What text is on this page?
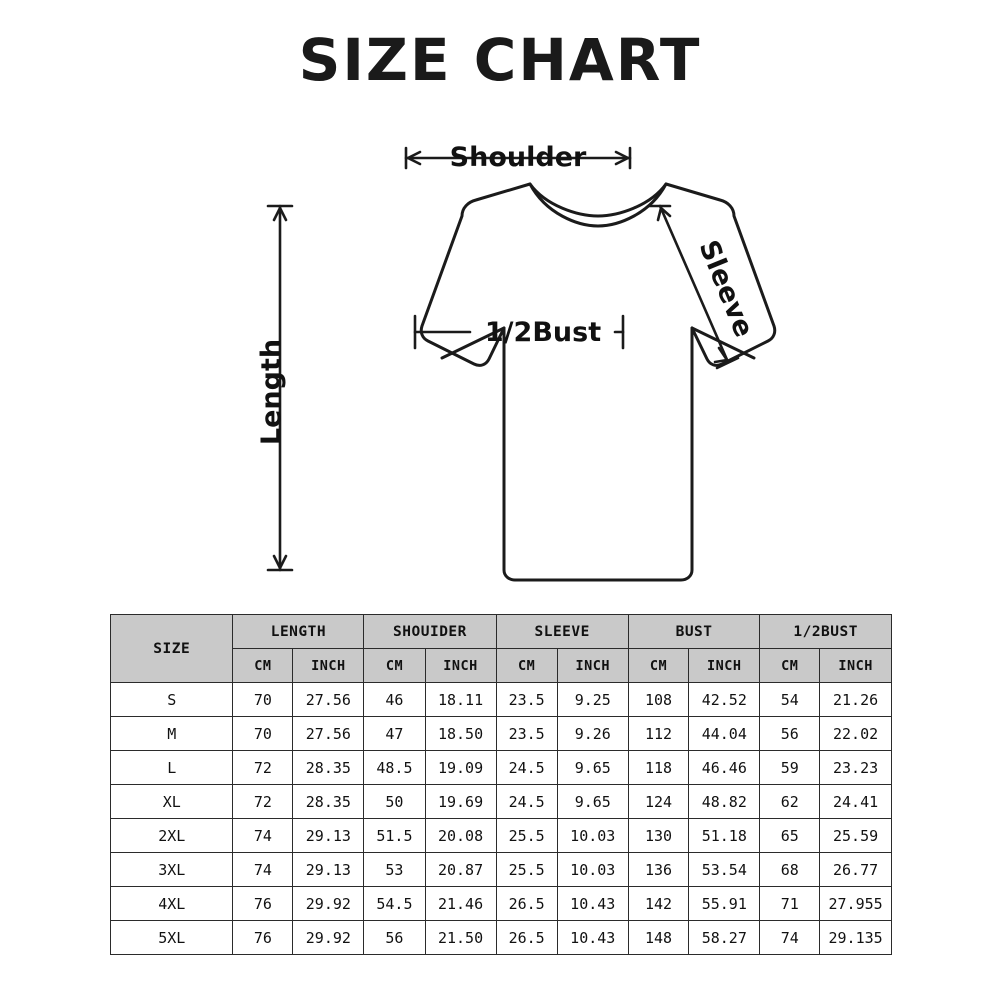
SIZE CHART
Shoulder
Sleeve
Length
1/2Bust
SIZE	LENGTH		SHOUIDER		SLEEVE		BUST		1/2BUST	
	CM	INCH	CM	INCH	CM	INCH	CM	INCH	CM	INCH
S	70	27.56	46	18.11	23.5	9.25	108	42.52	54	21.26
M	70	27.56	47	18.50	23.5	9.26	112	44.04	56	22.02
L	72	28.35	48.5	19.09	24.5	9.65	118	46.46	59	23.23
XL	72	28.35	50	19.69	24.5	9.65	124	48.82	62	24.41
2XL	74	29.13	51.5	20.08	25.5	10.03	130	51.18	65	25.59
3XL	74	29.13	53	20.87	25.5	10.03	136	53.54	68	26.77
4XL	76	29.92	54.5	21.46	26.5	10.43	142	55.91	71	27.955
5XL	76	29.92	56	21.50	26.5	10.43	148	58.27	74	29.135
